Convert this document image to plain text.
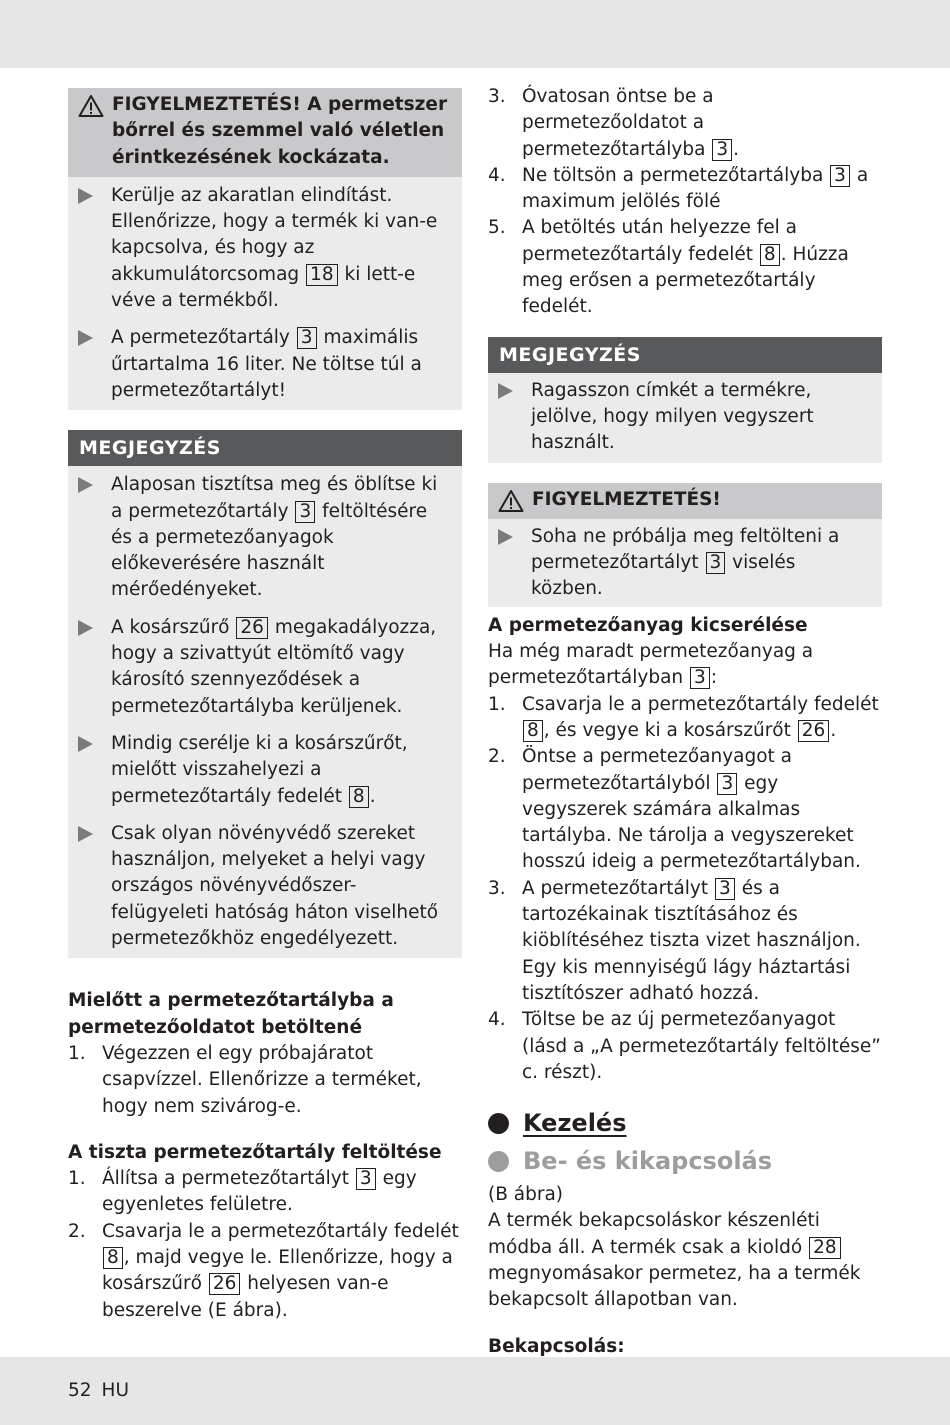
FIGYELMEZTETÉS! A permetszer bőrrel és szemmel való véletlen érintkezésének kockázata.
Kerülje az akaratlan elindítást. Ellenőrizze, hogy a termék ki van-e kapcsolva, és hogy az akkumulátorcsomag 18 ki lett-e véve a termékből.
A permetezőtartály 3 maximális űrtartalma 16 liter. Ne töltse túl a permetezőtartályt!
MEGJEGYZÉS
Alaposan tisztítsa meg és öblítse ki a permetezőtartály 3 feltöltésére és a permetezőanyagok előkeverésére használt mérőedényeket.
A kosárszűrő 26 megakadályozza, hogy a szivattyút eltömítő vagy károsító szennyeződések a permetezőtartályba kerüljenek.
Mindig cserélje ki a kosárszűrőt, mielőtt visszahelyezi a permetezőtartály fedelét 8 .
Csak olyan növényvédő szereket használjon, melyeket a helyi vagy országos növényvédőszer-felügyeleti hatóság háton viselhető permetezőkhöz engedélyezett.

Mielőtt a permetezőtartályba a permetezőoldatot betöltené

1. Végezzen el egy próbajáratot csapvízzel. Ellenőrizze a terméket, hogy nem szivárog-e.

A tiszta permetezőtartály feltöltése

1. Állítsa a permetezőtartályt 3 egy egyenletes felületre.
2. Csavarja le a permetezőtartály fedelét 8 , majd vegye le. Ellenőrizze, hogy a kosárszűrő 26 helyesen van-e beszerelve (E ábra).
3. Óvatosan öntse be a permetezőoldatot a permetezőtartályba 3 .
4. Ne töltsön a permetezőtartályba 3 a maximum jelölés fölé
5. A betöltés után helyezze fel a permetezőtartály fedelét 8 . Húzza meg erősen a permetezőtartály fedelét.
MEGJEGYZÉS
Ragasszon címkét a termékre, jelölve, hogy milyen vegyszert használt.
FIGYELMEZTETÉS!
Soha ne próbálja meg feltölteni a permetezőtartályt 3 viselés közben.

A permetezőanyag kicserélése

Ha még maradt permetezőanyag a permetezőtartályban 3 :

1. Csavarja le a permetezőtartály fedelét 8 , és vegye ki a kosárszűrőt 26 .
2. Öntse a permetezőanyagot a permetezőtartályból 3 egy vegyszerek számára alkalmas tartályba. Ne tárolja a vegyszereket hosszú ideig a permetezőtartályban.
3. A permetezőtartályt 3 és a tartozékainak tisztításához és kiöblítéséhez tiszta vizet használjon. Egy kis mennyiségű lágy háztartási tisztítószer adható hozzá.
4. Töltse be az új permetezőanyagot (lásd a „A permetezőtartály feltöltése” c. részt).
Kezelés
Be- és kikapcsolás

(B ábra)

A termék bekapcsoláskor készenléti módba áll. A termék csak a kioldó 28 megnyomásakor permetez, ha a termék bekapcsolt állapotban van.

Bekapcsolás:

52 HU
